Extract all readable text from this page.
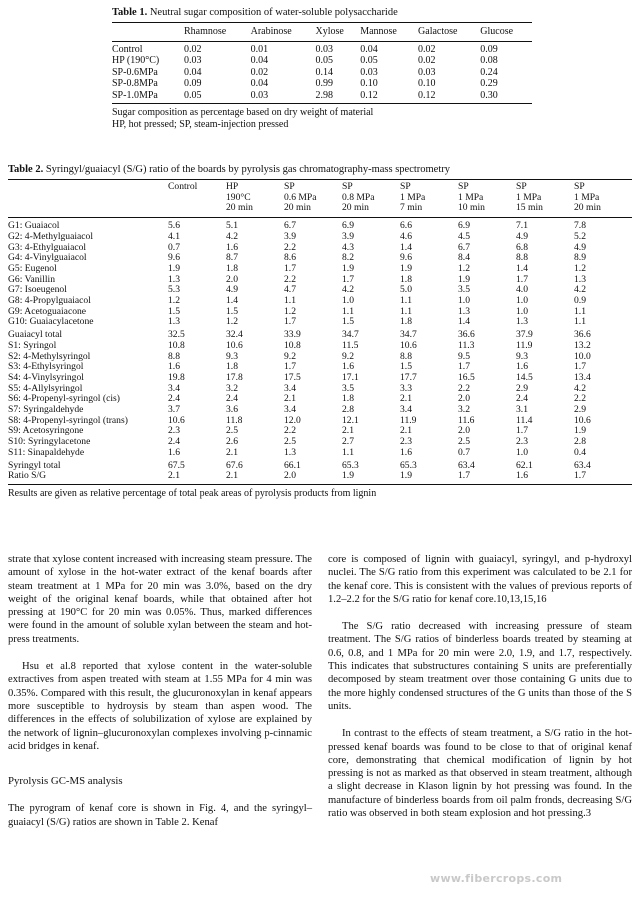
Table 1. Neutral sugar composition of water-soluble polysaccharide
	Rhamnose	Arabinose	Xylose	Mannose	Galactose	Glucose

Control	0.02	0.01	0.03	0.04	0.02	0.09
HP (190°C)	0.03	0.04	0.05	0.05	0.02	0.08
SP-0.6MPa	0.04	0.02	0.14	0.03	0.03	0.24
SP-0.8MPa	0.09	0.04	0.99	0.10	0.10	0.29
SP-1.0MPa	0.05	0.03	2.98	0.12	0.12	0.30
Sugar composition as percentage based on dry weight of material
HP, hot pressed; SP, steam-injection pressed
Table 2. Syringyl/guaiacyl (S/G) ratio of the boards by pyrolysis gas chromatography-mass spectrometry
	Control	HP
190°C
20 min	SP
0.6 MPa
20 min	SP
0.8 MPa
20 min	SP
1 MPa
7 min	SP
1 MPa
10 min	SP
1 MPa
15 min	SP
1 MPa
20 min

G1: Guaiacol	5.6	5.1	6.7	6.9	6.6	6.9	7.1	7.8
G2: 4-Methylguaiacol	4.1	4.2	3.9	3.9	4.6	4.5	4.9	5.2
G3: 4-Ethylguaiacol	0.7	1.6	2.2	4.3	1.4	6.7	6.8	4.9
G4: 4-Vinylguaiacol	9.6	8.7	8.6	8.2	9.6	8.4	8.8	8.9
G5: Eugenol	1.9	1.8	1.7	1.9	1.9	1.2	1.4	1.2
G6: Vanillin	1.3	2.0	2.2	1.7	1.8	1.9	1.7	1.3
G7: Isoeugenol	5.3	4.9	4.7	4.2	5.0	3.5	4.0	4.2
G8: 4-Propylguaiacol	1.2	1.4	1.1	1.0	1.1	1.0	1.0	0.9
G9: Acetoguaiacone	1.5	1.5	1.2	1.1	1.1	1.3	1.0	1.1
G10: Guaiacylacetone	1.3	1.2	1.7	1.5	1.8	1.4	1.3	1.1
Guaiacyl total	32.5	32.4	33.9	34.7	34.7	36.6	37.9	36.6
S1: Syringol	10.8	10.6	10.8	11.5	10.6	11.3	11.9	13.2
S2: 4-Methylsyringol	8.8	9.3	9.2	9.2	8.8	9.5	9.3	10.0
S3: 4-Ethylsyringol	1.6	1.8	1.7	1.6	1.5	1.7	1.6	1.7
S4: 4-Vinylsyringol	19.8	17.8	17.5	17.1	17.7	16.5	14.5	13.4
S5: 4-Allylsyringol	3.4	3.2	3.4	3.5	3.3	2.2	2.9	4.2
S6: 4-Propenyl-syringol (cis)	2.4	2.4	2.1	1.8	2.1	2.0	2.4	2.2
S7: Syringaldehyde	3.7	3.6	3.4	2.8	3.4	3.2	3.1	2.9
S8: 4-Propenyl-syringol (trans)	10.6	11.8	12.0	12.1	11.9	11.6	11.4	10.6
S9: Acetosyringone	2.3	2.5	2.2	2.1	2.1	2.0	1.7	1.9
S10: Syringylacetone	2.4	2.6	2.5	2.7	2.3	2.5	2.3	2.8
S11: Sinapaldehyde	1.6	2.1	1.3	1.1	1.6	0.7	1.0	0.4
Syringyl total	67.5	67.6	66.1	65.3	65.3	63.4	62.1	63.4
Ratio S/G	2.1	2.1	2.0	1.9	1.9	1.7	1.6	1.7
Results are given as relative percentage of total peak areas of pyrolysis products from lignin

strate that xylose content increased with increasing steam pressure. The amount of xylose in the hot-water extract of the kenaf boards after steam treatment at 1 MPa for 20 min was 3.0%, based on the dry weight of the original kenaf boards, while that obtained after hot pressing at 190°C for 20 min was 0.05%. Thus, marked differences were found in the amount of soluble xylan between the steam and hot-press treatments.

Hsu et al.8 reported that xylose content in the water-soluble extractives from aspen treated with steam at 1.55 MPa for 4 min was 0.35%. Compared with this result, the glucuronoxylan in kenaf appears more susceptible to hydroysis by steam than aspen wood. The differences in the effects of solubilization of xylose are explained by the network of lignin–glucuronoxylan complexes involving p-cinnamic acid bridges in kenaf.

Pyrolysis GC-MS analysis

The pyrogram of kenaf core is shown in Fig. 4, and the syringyl–guaiacyl (S/G) ratios are shown in Table 2. Kenaf

core is composed of lignin with guaiacyl, syringyl, and p-hydroxyl nuclei. The S/G ratio from this experiment was calculated to be 2.1 for the kenaf core. This is consistent with the values of previous reports of 1.2–2.2 for the S/G ratio for kenaf core.10,13,15,16

The S/G ratio decreased with increasing pressure of steam treatment. The S/G ratios of binderless boards treated by steaming at 0.6, 0.8, and 1 MPa for 20 min were 2.0, 1.9, and 1.7, respectively. This indicates that substructures containing S units are preferentially decomposed by steam treatment over those containing G units due to the more highly condensed structures of the G units than those of the S units.

In contrast to the effects of steam treatment, a S/G ratio in the hot-pressed kenaf boards was found to be close to that of original kenaf core, demonstrating that chemical modification of lignin by hot pressing is not as marked as that observed in steam treatment, although a slight decrease in Klason lignin by hot pressing was found. In the manufacture of binderless boards from oil palm fronds, decreasing S/G ratio was observed in both steam explosion and hot pressing.3

www.fibercrops.com
